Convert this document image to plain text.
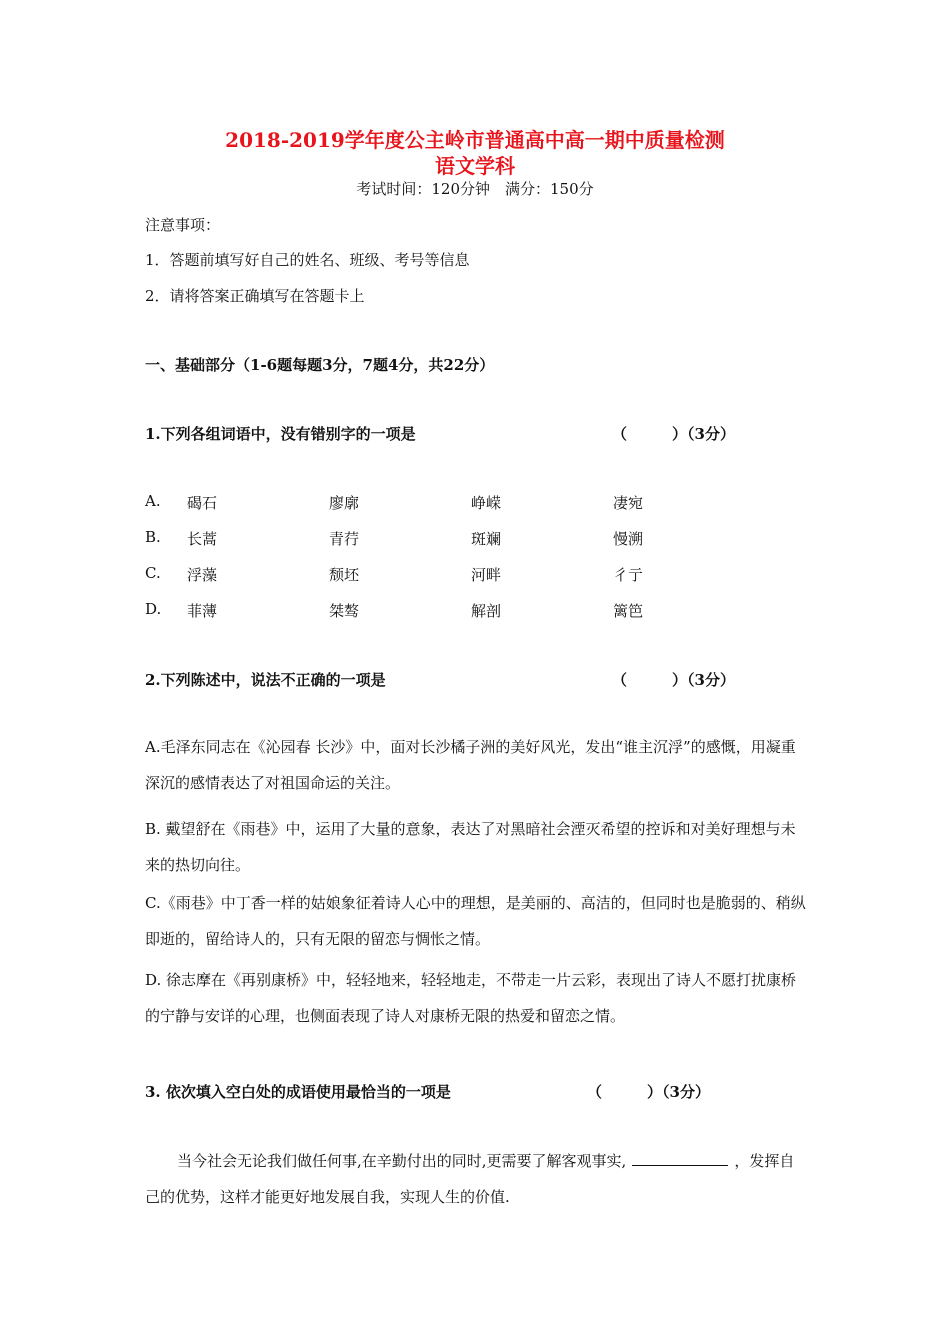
2018-2019学年度公主岭市普通高中高一期中质量检测
语文学科
考试时间：120分钟　满分：150分
注意事项：
1．答题前填写好自己的姓名、班级、考号等信息
2．请将答案正确填写在答题卡上
一、基础部分（1-6题每题3分，7题4分，共22分）
1.下列各组词语中，没有错别字的一项是	（　　　）（3分）
A. 碣石	廖廓	峥嵘	凄宛
B. 长蒿	青荇	斑斓	慢溯
C. 浮藻	颓坯	河畔	彳亍
D. 菲薄	桀骜	解剖	篱笆
2.下列陈述中，说法不正确的一项是	（　　　）（3分）
A.毛泽东同志在《沁园春 长沙》中，面对长沙橘子洲的美好风光，发出“谁主沉浮”的感慨，用凝重深沉的感情表达了对祖国命运的关注。
B. 戴望舒在《雨巷》中，运用了大量的意象，表达了对黑暗社会湮灭希望的控诉和对美好理想与未来的热切向往。
C.《雨巷》中丁香一样的姑娘象征着诗人心中的理想，是美丽的、高洁的，但同时也是脆弱的、稍纵即逝的，留给诗人的，只有无限的留恋与惆怅之情。
D. 徐志摩在《再别康桥》中，轻轻地来，轻轻地走，不带走一片云彩，表现出了诗人不愿打扰康桥的宁静与安详的心理，也侧面表现了诗人对康桥无限的热爱和留恋之情。
3. 依次填入空白处的成语使用最恰当的一项是	（　　　）（3分）
当今社会无论我们做任何事,在辛勤付出的同时,更需要了解客观事实,	，发挥自己的优势，这样才能更好地发展自我，实现人生的价值.
